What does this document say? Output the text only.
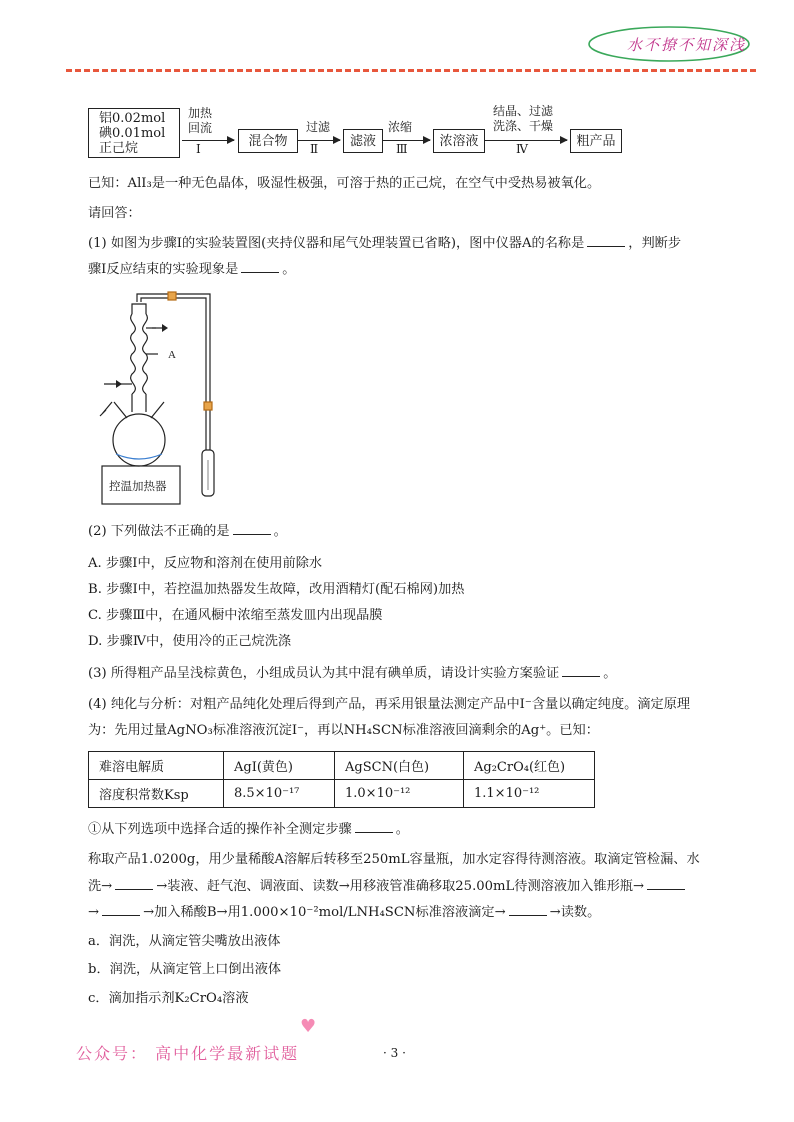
水不撩不知深浅
铝0.02mol
碘0.01mol
正己烷
加热
回流
Ⅰ
混合物
过滤
Ⅱ
滤液
浓缩
Ⅲ
浓溶液
结晶、过滤
洗涤、干燥
Ⅳ
粗产品
已知：AlI₃是一种无色晶体，吸湿性极强，可溶于热的正己烷，在空气中受热易被氧化。
请回答：
(1) 如图为步骤Ⅰ的实验装置图(夹持仪器和尾气处理装置已省略)，图中仪器A的名称是	，判断步
骤Ⅰ反应结束的实验现象是	。
A
控温加热器
(2) 下列做法不正确的是	。
A. 步骤Ⅰ中，反应物和溶剂在使用前除水
B. 步骤Ⅰ中，若控温加热器发生故障，改用酒精灯(配石棉网)加热
C. 步骤Ⅲ中，在通风橱中浓缩至蒸发皿内出现晶膜
D. 步骤Ⅳ中，使用冷的正己烷洗涤
(3) 所得粗产品呈浅棕黄色，小组成员认为其中混有碘单质，请设计实验方案验证	。
(4) 纯化与分析：对粗产品纯化处理后得到产品，再采用银量法测定产品中I⁻含量以确定纯度。滴定原理
为：先用过量AgNO₃标准溶液沉淀I⁻，再以NH₄SCN标准溶液回滴剩余的Ag⁺。已知：
难溶电解质	AgI(黄色)	AgSCN(白色)	Ag₂CrO₄(红色)
溶度积常数Ksp	8.5×10⁻¹⁷	1.0×10⁻¹²	1.1×10⁻¹²
①从下列选项中选择合适的操作补全测定步骤	。
称取产品1.0200g，用少量稀酸A溶解后转移至250mL容量瓶，加水定容得待测溶液。取滴定管检漏、水
洗→	→装液、赶气泡、调液面、读数→用移液管准确移取25.00mL待测溶液加入锥形瓶→
→	→加入稀酸B→用1.000×10⁻²mol/LNH₄SCN标准溶液滴定→	→读数。
a．润洗，从滴定管尖嘴放出液体
b．润洗，从滴定管上口倒出液体
c．滴加指示剂K₂CrO₄溶液
♥
公众号： 高中化学最新试题	· 3 ·
